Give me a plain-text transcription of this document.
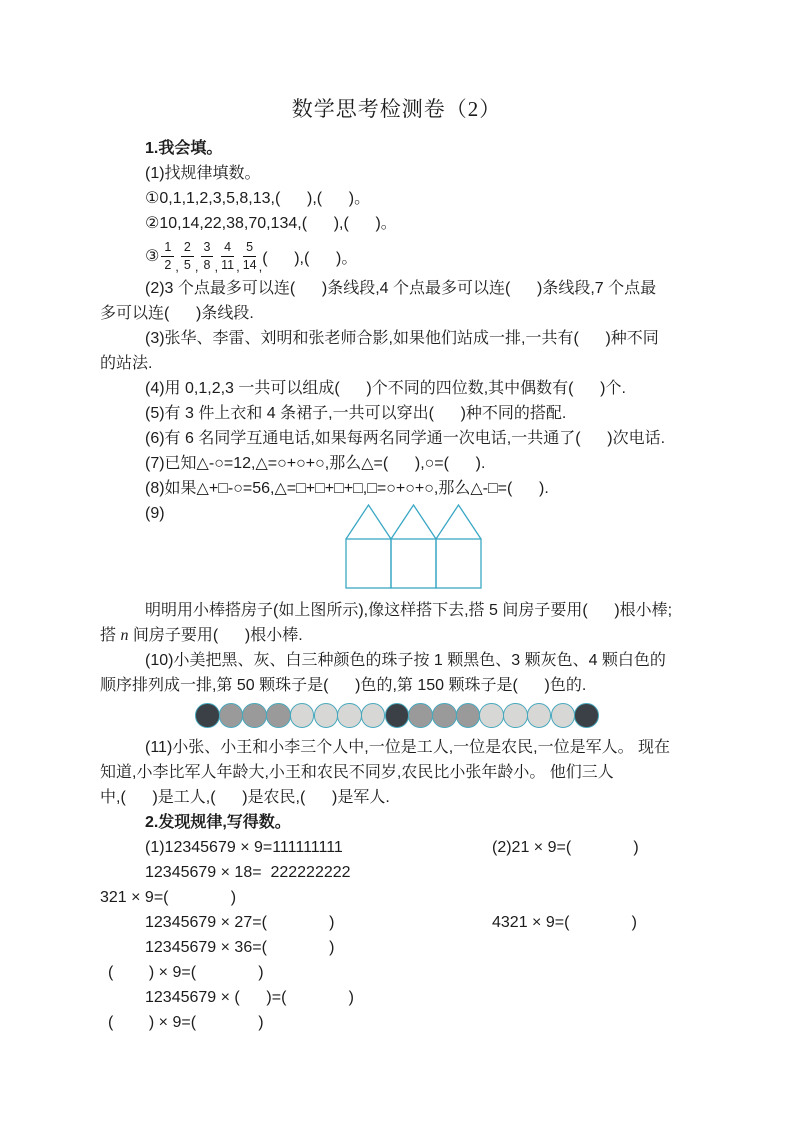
数学思考检测卷（2）
1.我会填。
(1)找规律填数。
①0,1,1,2,3,5,8,13,(      ),(      )。
②10,14,22,38,70,134,(      ),(      )。
③ $\frac{1}{2}$ , $\frac{2}{5}$ , $\frac{3}{8}$ , $\frac{4}{11}$ , $\frac{5}{14}$ , (      ),(      )。
(2)3 个点最多可以连(      )条线段,4 个点最多可以连(      )条线段,7 个点最
多可以连(      )条线段.
(3)张华、李雷、刘明和张老师合影,如果他们站成一排,一共有(      )种不同
的站法.
(4)用 0,1,2,3 一共可以组成(      )个不同的四位数,其中偶数有(      )个.
(5)有 3 件上衣和 4 条裙子,一共可以穿出(      )种不同的搭配.
(6)有 6 名同学互通电话,如果每两名同学通一次电话,一共通了(      )次电话.
(7)已知△-○=12,△=○+○+○,那么△=(      ),○=(      ).
(8)如果△+□-○=56,△=□+□+□+□,□=○+○+○,那么△-□=(      ).
(9)
明明用小棒搭房子(如上图所示),像这样搭下去,搭 5 间房子要用(      )根小棒;
搭 n 间房子要用(      )根小棒.
(10)小美把黑、灰、白三种颜色的珠子按 1 颗黑色、3 颗灰色、4 颗白色的
顺序排列成一排,第 50 颗珠子是(      )色的,第 150 颗珠子是(      )色的.
(11)小张、小王和小李三个人中,一位是工人,一位是农民,一位是军人。 现在
知道,小李比军人年龄大,小王和农民不同岁,农民比小张年龄小。 他们三人
中,(      )是工人,(      )是农民,(      )是军人.
2.发现规律,写得数。
(1)12345679 × 9=111111111	(2)21 × 9=(              )
12345679 × 18=  222222222
321 × 9=(              )
12345679 × 27=(              )	4321 × 9=(              )
12345679 × 36=(              )
(        ) × 9=(              )
12345679 × (      )=(              )
(        ) × 9=(              )
